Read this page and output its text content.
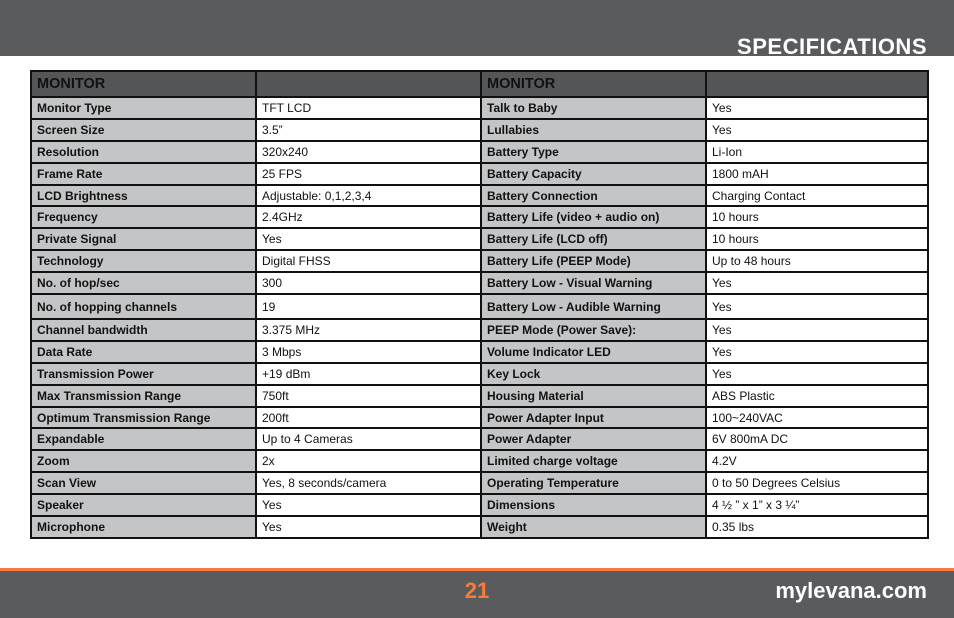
SPECIFICATIONS
MONITOR		MONITOR	
Monitor Type	TFT LCD	Talk to Baby	Yes
Screen Size	3.5”	Lullabies	Yes
Resolution	320x240	Battery Type	Li-Ion
Frame Rate	25 FPS	Battery Capacity	1800 mAH
LCD Brightness	Adjustable: 0,1,2,3,4	Battery Connection	Charging Contact
Frequency	2.4GHz	Battery Life (video + audio on)	10 hours
Private Signal	Yes	Battery Life (LCD off)	10 hours
Technology	Digital FHSS	Battery Life (PEEP Mode)	Up to 48 hours
No. of hop/sec	300	Battery Low - Visual Warning	Yes
No. of hopping channels	19	Battery Low - Audible Warning	Yes
Channel bandwidth	3.375 MHz	PEEP Mode (Power Save):	Yes
Data Rate	3 Mbps	Volume Indicator LED	Yes
Transmission Power	+19 dBm	Key Lock	Yes
Max Transmission Range	750ft	Housing Material	ABS Plastic
Optimum Transmission Range	200ft	Power Adapter Input	100~240VAC
Expandable	Up to 4 Cameras	Power Adapter	6V 800mA DC
Zoom	2x	Limited charge voltage	4.2V
Scan View	Yes, 8 seconds/camera	Operating Temperature	0 to 50 Degrees Celsius
Speaker	Yes	Dimensions	4 ½ ” x 1” x 3 ¼”
Microphone	Yes	Weight	0.35 lbs
21	mylevana.com
